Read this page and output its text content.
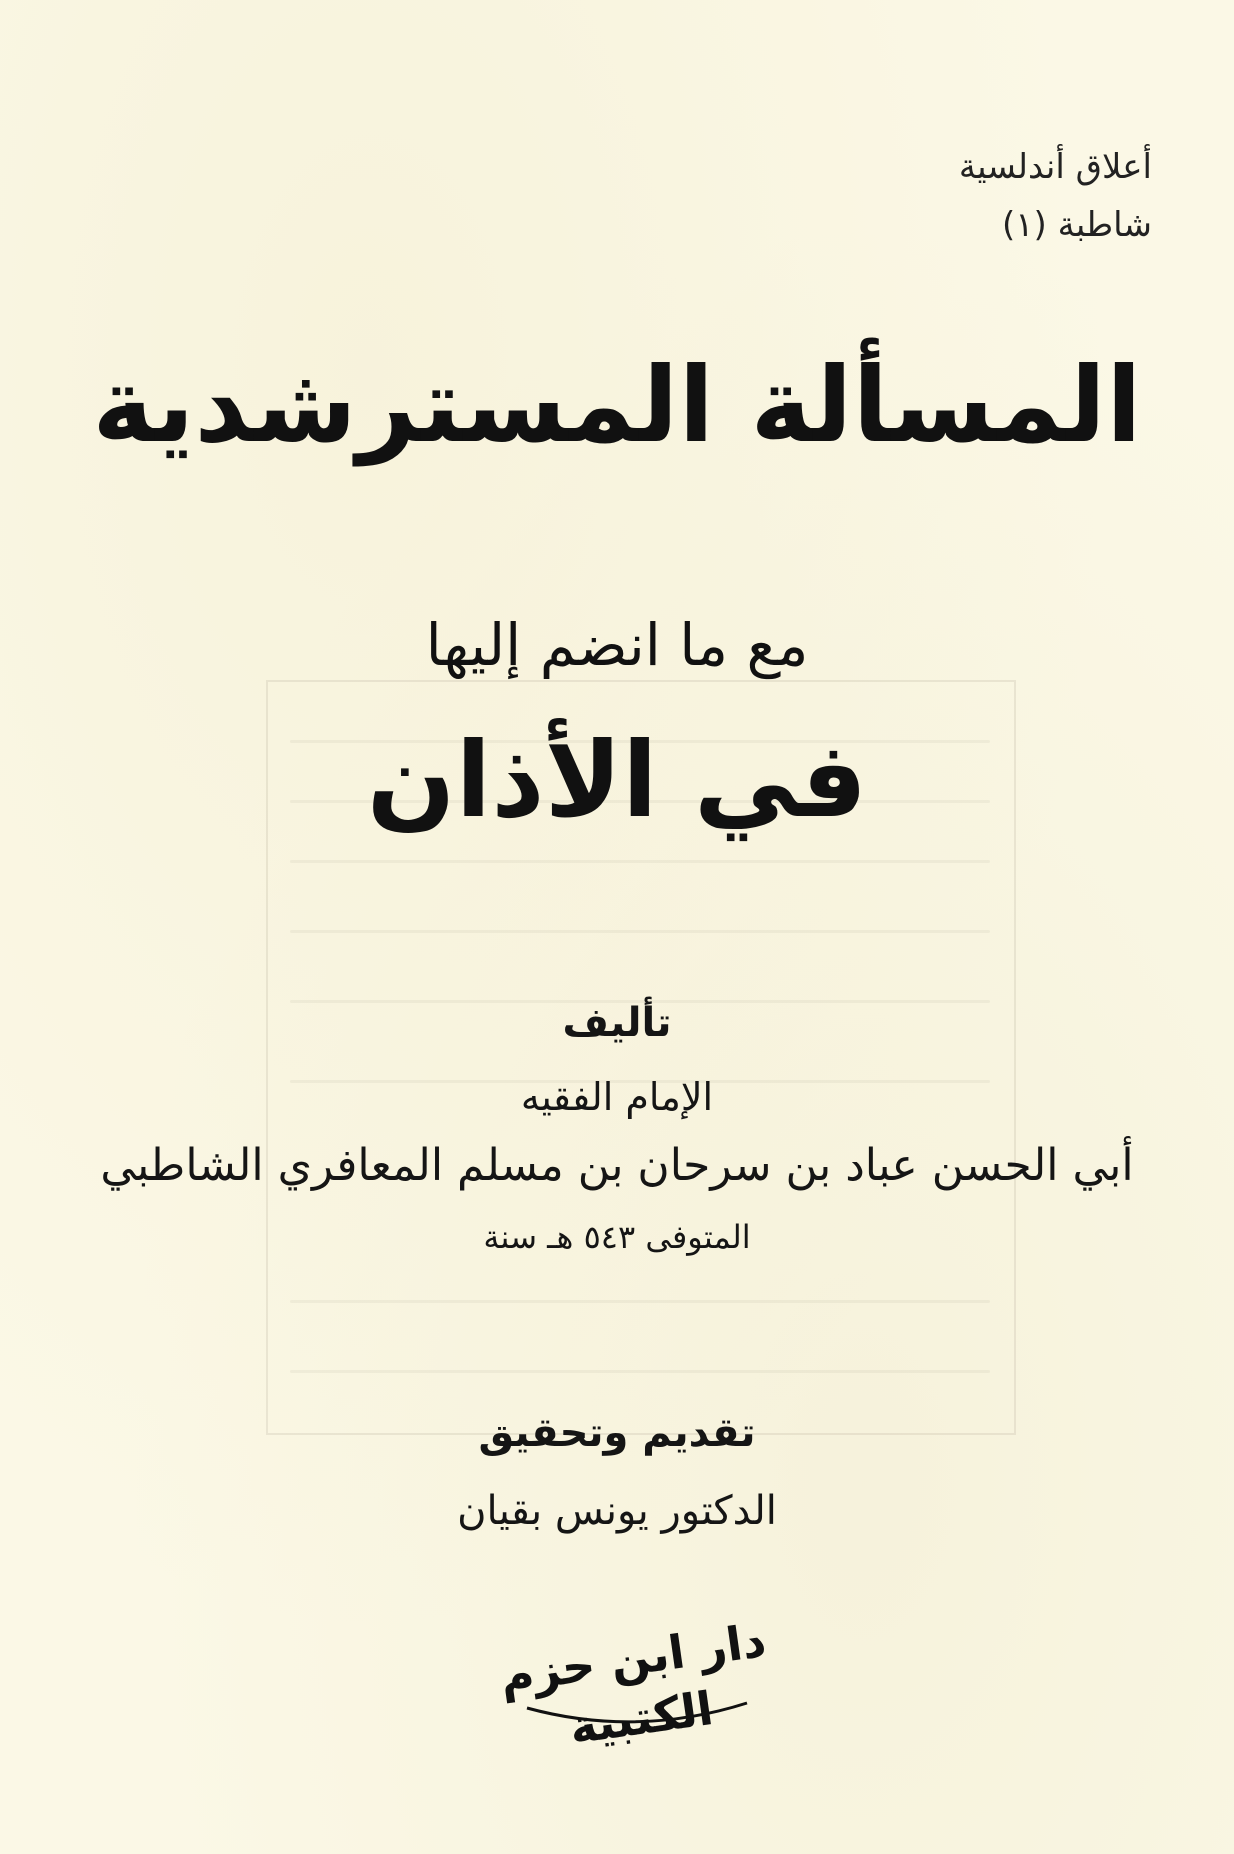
أعلاق أندلسية
شاطبة (١)
المسألة المسترشدية
مع ما انضم إليها
في الأذان
تأليف
الإمام الفقيه
أبي الحسن عباد بن سرحان بن مسلم المعافري الشاطبي
المتوفى ٥٤٣ هـ سنة
تقديم وتحقيق
الدكتور يونس بقيان
دار ابن حزم الكتبية
